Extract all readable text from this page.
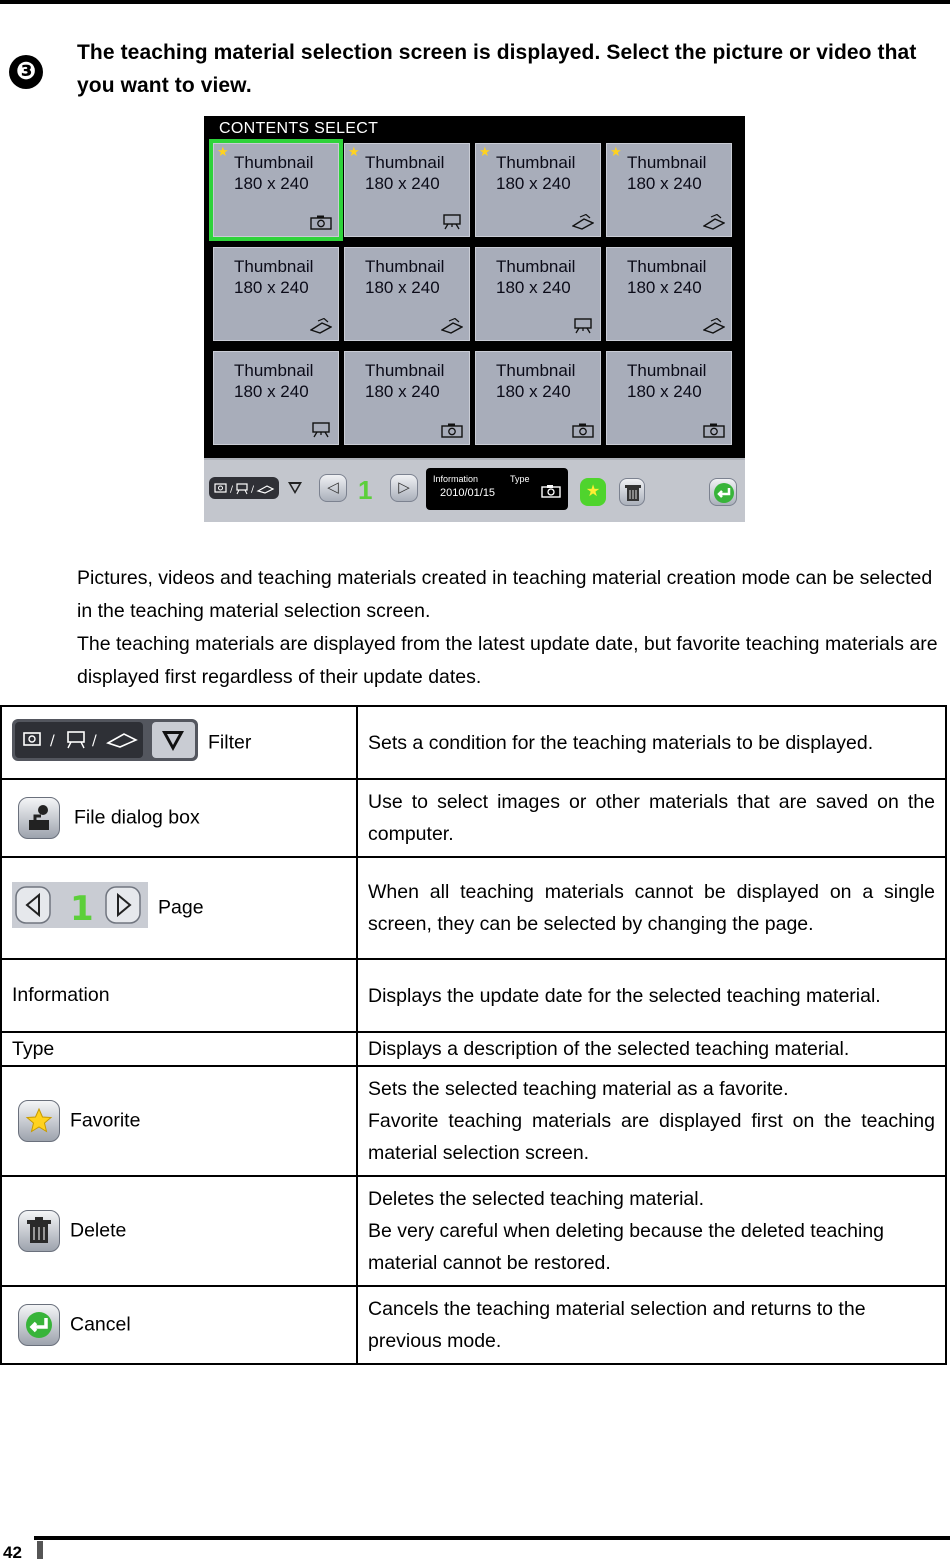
❸
The teaching material selection screen is displayed. Select the picture or video that you want to view.
CONTENTS SELECT
★
Thumbnail
180 x 240
★
Thumbnail
180 x 240
★
Thumbnail
180 x 240
★
Thumbnail
180 x 240
Thumbnail
180 x 240
Thumbnail
180 x 240
Thumbnail
180 x 240
Thumbnail
180 x 240
Thumbnail
180 x 240
Thumbnail
180 x 240
Thumbnail
180 x 240
Thumbnail
180 x 240
/ /	◁ 1	▷	Information	Type
2010/01/15	★
Pictures, videos and teaching materials created in teaching material creation mode can be selected in the teaching material selection screen.
The teaching materials are displayed from the latest update date, but favorite teaching materials are displayed first regardless of their update dates.
/ / Filter	Sets a condition for the teaching materials to be displayed.
File dialog box	Use to select images or other materials that are saved on the computer.

1 Page	When all teaching materials cannot be displayed on a single screen, they can be selected by changing the page.
Information	Displays the update date for the selected teaching material.
Type	Displays a description of the selected teaching material.
Favorite	Sets the selected teaching material as a favorite.
Favorite teaching materials are displayed first on the teaching material selection screen.

Delete	Deletes the selected teaching material.
Be very careful when deleting because the deleted teaching material cannot be restored.

Cancel	Cancels the teaching material selection and returns to the previous mode.
42
